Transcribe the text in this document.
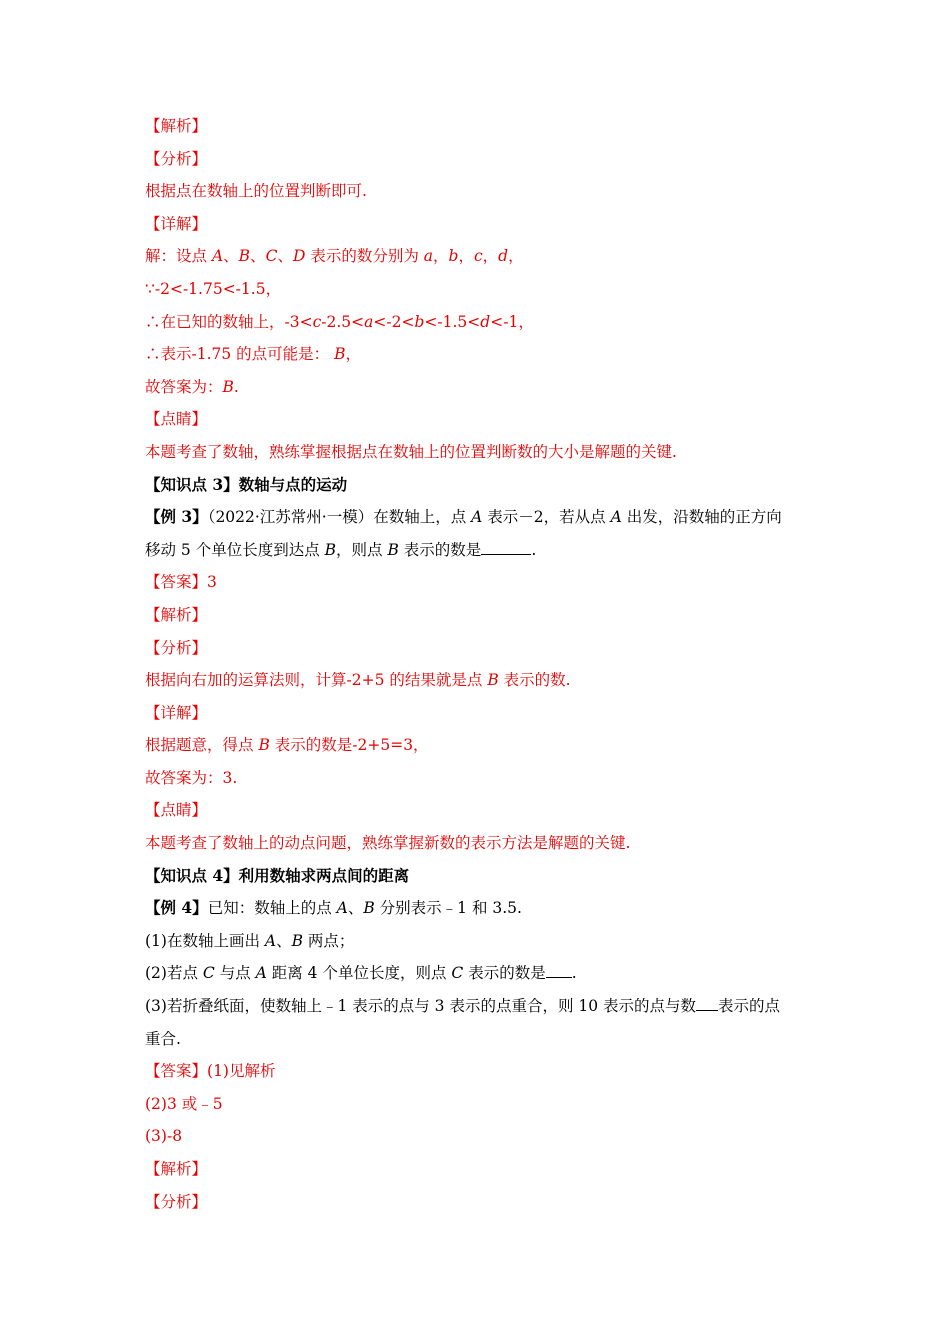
【解析】
【分析】
根据点在数轴上的位置判断即可.
【详解】
解：设点 A、B、C、D 表示的数分别为 a，b，c，d，
∵-2<-1.75<-1.5，
∴在已知的数轴上，-3<c-2.5<a<-2<b<-1.5<d<-1，
∴表示-1.75 的点可能是： B，
故答案为：B.
【点睛】
本题考查了数轴，熟练掌握根据点在数轴上的位置判断数的大小是解题的关键.
【知识点 3】数轴与点的运动
【例 3】（2022·江苏常州·一模）在数轴上，点 A 表示－2，若从点 A 出发，沿数轴的正方向
移动 5 个单位长度到达点 B，则点 B 表示的数是	.
【答案】3
【解析】
【分析】
根据向右加的运算法则，计算-2+5 的结果就是点 B 表示的数.
【详解】
根据题意，得点 B 表示的数是-2+5=3，
故答案为：3.
【点睛】
本题考查了数轴上的动点问题，熟练掌握新数的表示方法是解题的关键.
【知识点 4】利用数轴求两点间的距离
【例 4】已知：数轴上的点 A、B 分别表示﹣1 和 3.5.
(1)在数轴上画出 A、B 两点；
(2)若点 C 与点 A 距离 4 个单位长度，则点 C 表示的数是 .
(3)若折叠纸面，使数轴上﹣1 表示的点与 3 表示的点重合，则 10 表示的点与数 表示的点
重合.
【答案】(1)见解析
(2)3 或﹣5
(3)-8
【解析】
【分析】
